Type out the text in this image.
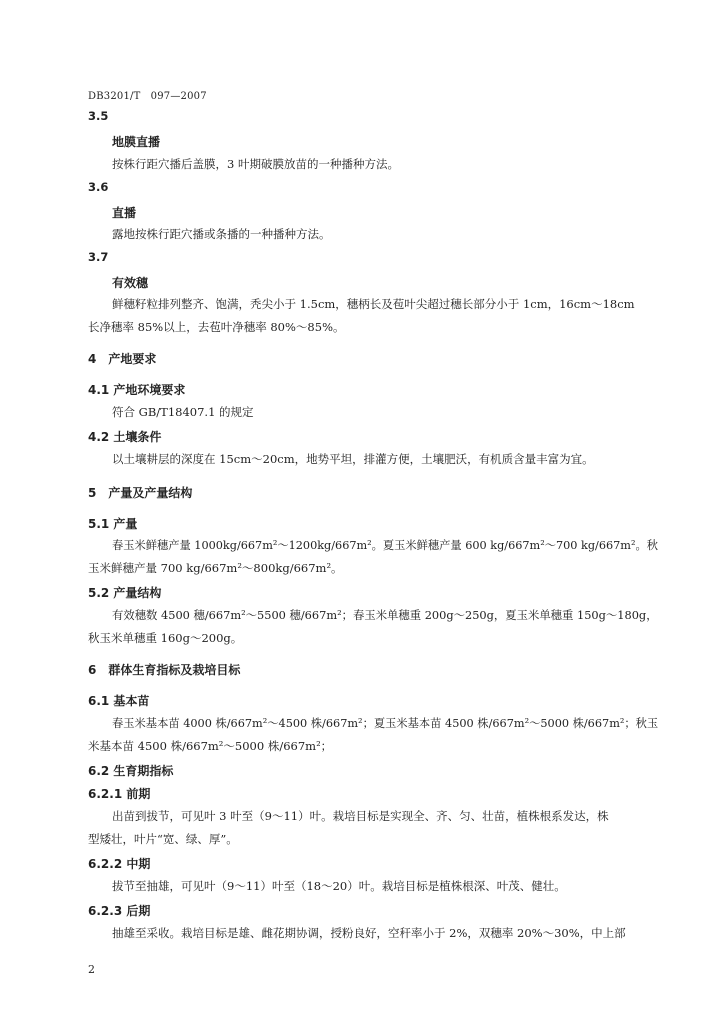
DB3201/T　097—2007
3.5
地膜直播
按株行距穴播后盖膜，3 叶期破膜放苗的一种播种方法。
3.6
直播
露地按株行距穴播或条播的一种播种方法。
3.7
有效穗
鲜穗籽粒排列整齐、饱满，秃尖小于 1.5cm，穗柄长及苞叶尖超过穗长部分小于 1cm，16cm～18cm
长净穗率 85%以上，去苞叶净穗率 80%～85%。
4　产地要求
4.1 产地环境要求
符合 GB/T18407.1 的规定
4.2 土壤条件
以土壤耕层的深度在 15cm～20cm，地势平坦，排灌方便，土壤肥沃，有机质含量丰富为宜。
5　产量及产量结构
5.1 产量
春玉米鲜穗产量 1000kg/667m²～1200kg/667m²。夏玉米鲜穗产量 600 kg/667m²～700 kg/667m²。秋
玉米鲜穗产量 700 kg/667m²～800kg/667m²。
5.2 产量结构
有效穗数 4500 穗/667m²～5500 穗/667m²；春玉米单穗重 200g～250g，夏玉米单穗重 150g～180g，
秋玉米单穗重 160g～200g。
6　群体生育指标及栽培目标
6.1 基本苗
春玉米基本苗 4000 株/667m²～4500 株/667m²；夏玉米基本苗 4500 株/667m²～5000 株/667m²；秋玉
米基本苗 4500 株/667m²～5000 株/667m²；
6.2 生育期指标
6.2.1 前期
出苗到拔节，可见叶 3 叶至（9～11）叶。栽培目标是实现全、齐、匀、壮苗，植株根系发达，株
型矮壮，叶片“宽、绿、厚”。
6.2.2 中期
拔节至抽雄，可见叶（9～11）叶至（18～20）叶。栽培目标是植株根深、叶茂、健壮。
6.2.3 后期
抽雄至采收。栽培目标是雄、雌花期协调，授粉良好，空秆率小于 2%，双穗率 20%～30%，中上部
2
